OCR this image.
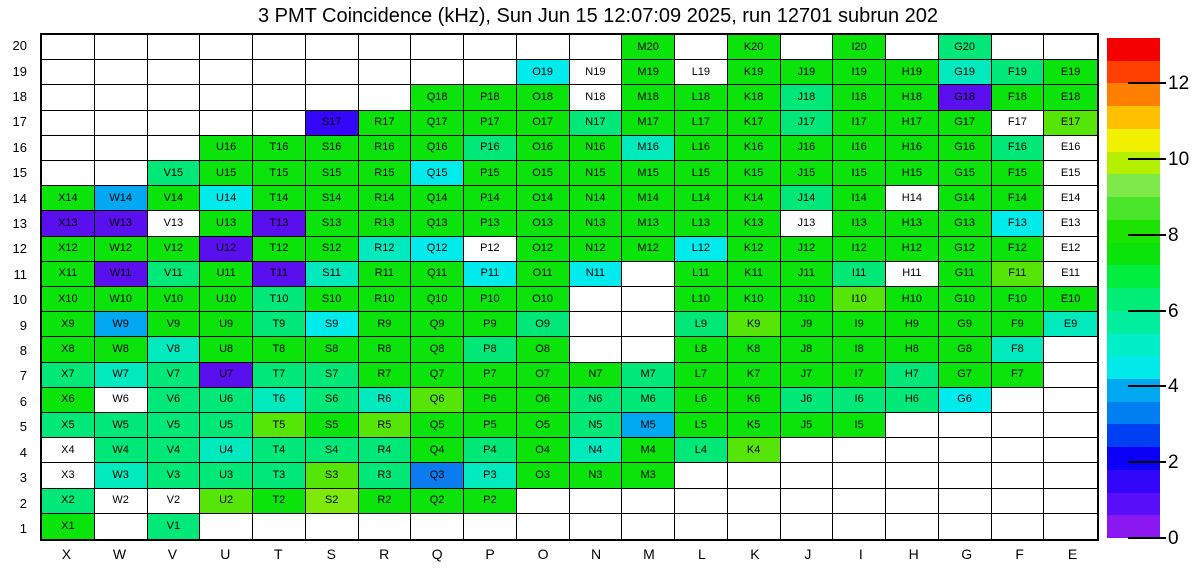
3 PMT Coincidence (kHz), Sun Jun 15 12:07:09 2025, run 12701 subrun 202
20
19
18
17
16
15
14
13
12
11
10
9
8
7
6
5
4
3
2
1
M20	K20	I20	G20
O19	N19	M19	L19	K19	J19	I19	H19	G19	F19	E19
Q18	P18	O18	N18	M18	L18	K18	J18	I18	H18	G18	F18	E18
S17	R17	Q17	P17	O17	N17	M17	L17	K17	J17	I17	H17	G17	F17	E17
U16	T16	S16	R16	Q16	P16	O16	N16	M16	L16	K16	J16	I16	H16	G16	F16	E16
V15	U15	T15	S15	R15	Q15	P15	O15	N15	M15	L15	K15	J15	I15	H15	G15	F15	E15
X14	W14	V14	U14	T14	S14	R14	Q14	P14	O14	N14	M14	L14	K14	J14	I14	H14	G14	F14	E14
X13	W13	V13	U13	T13	S13	R13	Q13	P13	O13	N13	M13	L13	K13	J13	I13	H13	G13	F13	E13
X12	W12	V12	U12	T12	S12	R12	Q12	P12	O12	N12	M12	L12	K12	J12	I12	H12	G12	F12	E12
X11	W11	V11	U11	T11	S11	R11	Q11	P11	O11	N11	L11	K11	J11	I11	H11	G11	F11	E11
X10	W10	V10	U10	T10	S10	R10	Q10	P10	O10	L10	K10	J10	I10	H10	G10	F10	E10
X9	W9	V9	U9	T9	S9	R9	Q9	P9	O9	L9	K9	J9	I9	H9	G9	F9	E9
X8	W8	V8	U8	T8	S8	R8	Q8	P8	O8	L8	K8	J8	I8	H8	G8	F8
X7	W7	V7	U7	T7	S7	R7	Q7	P7	O7	N7	M7	L7	K7	J7	I7	H7	G7	F7
X6	W6	V6	U6	T6	S6	R6	Q6	P6	O6	N6	M6	L6	K6	J6	I6	H6	G6
X5	W5	V5	U5	T5	S5	R5	Q5	P5	O5	N5	M5	L5	K5	J5	I5
X4	W4	V4	U4	T4	S4	R4	Q4	P4	O4	N4	M4	L4	K4
X3	W3	V3	U3	T3	S3	R3	Q3	P3	O3	N3	M3
X2	W2	V2	U2	T2	S2	R2	Q2	P2
X1	V1
X	W	V	U	T	S	R	Q	P	O	N	M	L	K	J	I	H	G	F	E
0
2
4
6
8
10
12
